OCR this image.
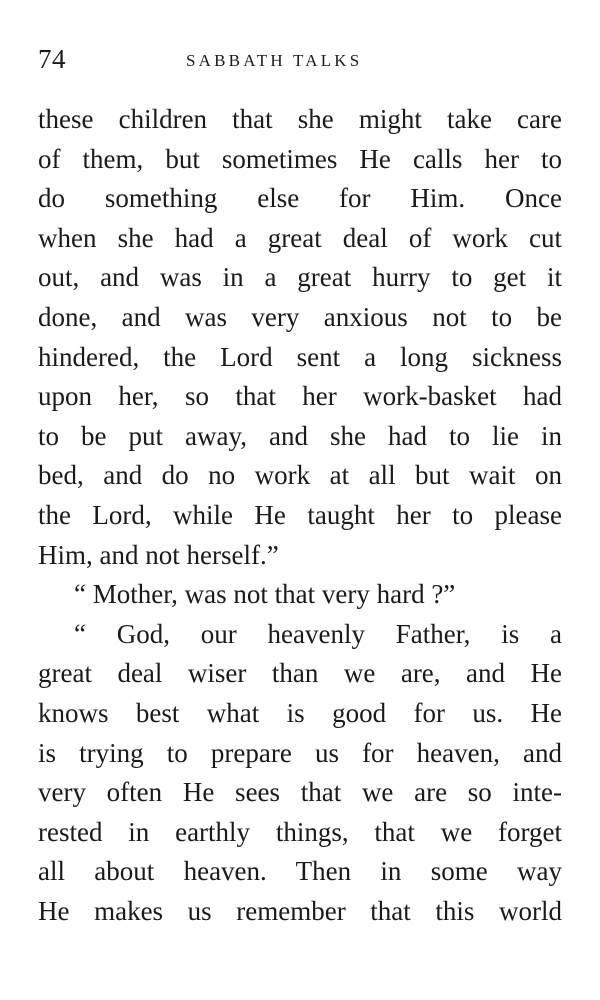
74	SABBATH TALKS
these children that she might take care
of them, but sometimes He calls her to
do something else for Him. Once
when she had a great deal of work cut
out, and was in a great hurry to get it
done, and was very anxious not to be
hindered, the Lord sent a long sickness
upon her, so that her work-basket had
to be put away, and she had to lie in
bed, and do no work at all but wait on
the Lord, while He taught her to please
Him, and not herself.”
“ Mother, was not that very hard ?”
“ God, our heavenly Father, is a
great deal wiser than we are, and He
knows best what is good for us. He
is trying to prepare us for heaven, and
very often He sees that we are so inte-
rested in earthly things, that we forget
all about heaven. Then in some way
He makes us remember that this world
